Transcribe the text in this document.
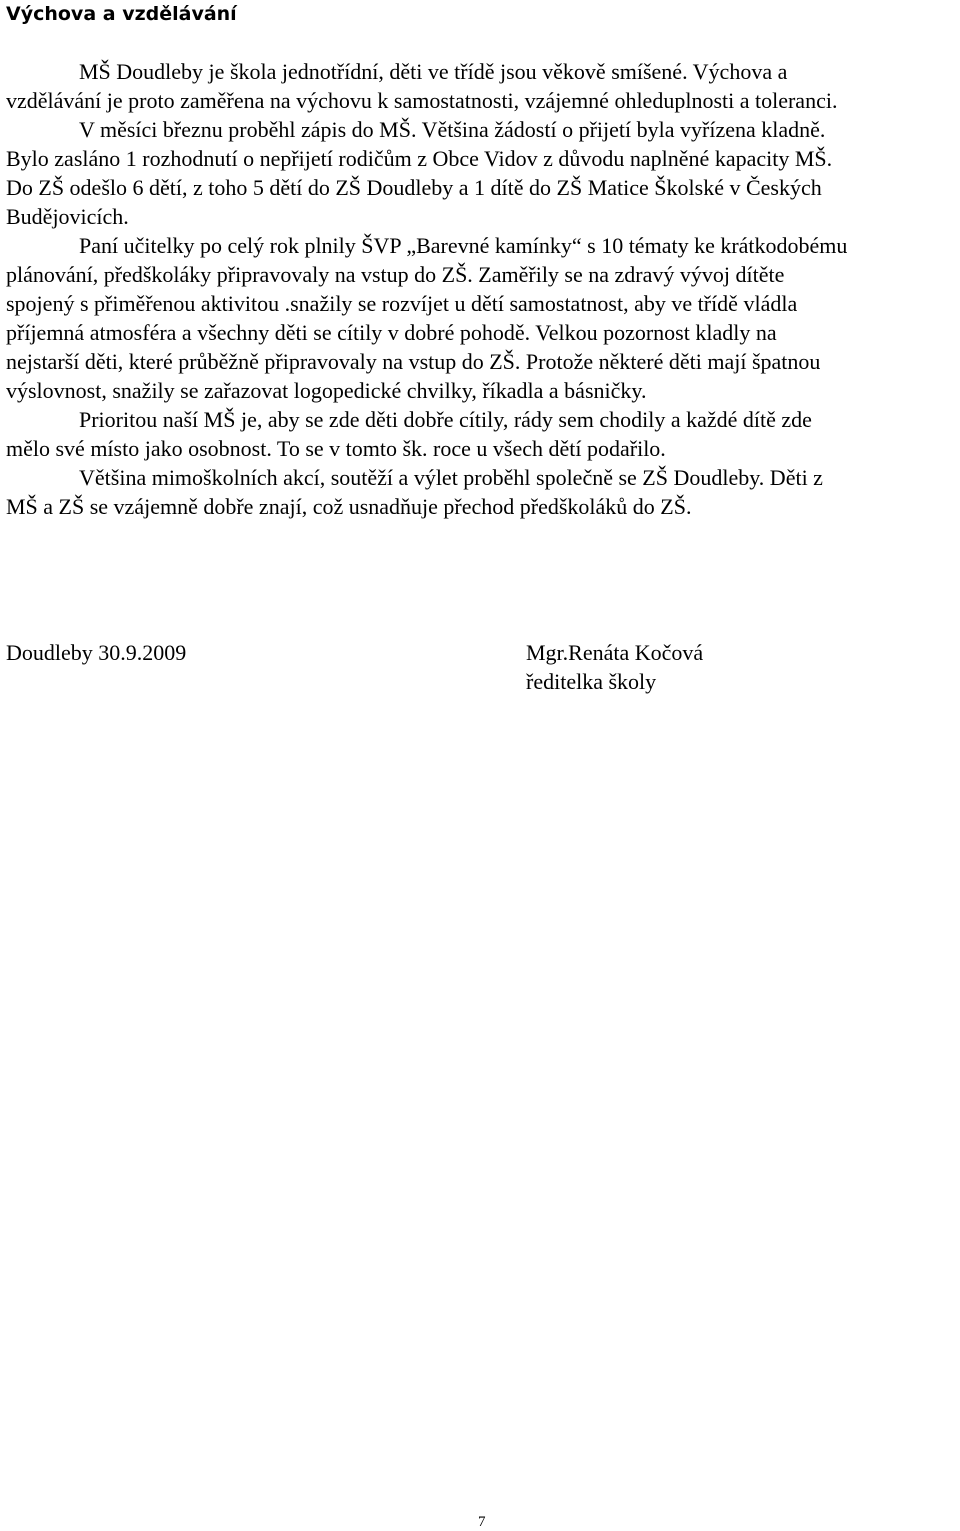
Výchova a vzdělávání
MŠ Doudleby je škola jednotřídní, děti ve třídě jsou věkově smíšené. Výchova a
vzdělávání je proto zaměřena na výchovu k samostatnosti, vzájemné ohleduplnosti a toleranci.
V měsíci březnu proběhl zápis do MŠ. Většina žádostí o přijetí byla vyřízena kladně.
Bylo zasláno 1 rozhodnutí o nepřijetí rodičům z Obce Vidov z důvodu naplněné kapacity MŠ.
Do ZŠ odešlo 6 dětí, z toho 5 dětí do ZŠ Doudleby a 1 dítě do ZŠ Matice Školské v Českých
Budějovicích.
Paní učitelky po celý rok plnily ŠVP „Barevné kamínky“ s 10 tématy ke krátkodobému
plánování, předškoláky připravovaly na vstup do ZŠ. Zaměřily se na zdravý vývoj dítěte
spojený s přiměřenou aktivitou .snažily se rozvíjet u dětí samostatnost, aby ve třídě vládla
příjemná atmosféra a všechny děti se cítily v dobré pohodě. Velkou pozornost kladly na
nejstarší děti, které průběžně připravovaly na vstup do ZŠ. Protože některé děti mají špatnou
výslovnost, snažily se zařazovat logopedické chvilky, říkadla a básničky.
Prioritou naší MŠ je, aby se zde děti dobře cítily, rády sem chodily a každé dítě zde
mělo své místo jako osobnost. To se v tomto šk. roce u všech dětí podařilo.
Většina mimoškolních akcí, soutěží a výlet proběhl společně se ZŠ Doudleby. Děti z
MŠ a ZŠ se vzájemně dobře znají, což usnadňuje přechod předškoláků do ZŠ.
Doudleby 30.9.2009	Mgr.Renáta Kočová
ředitelka školy
7
